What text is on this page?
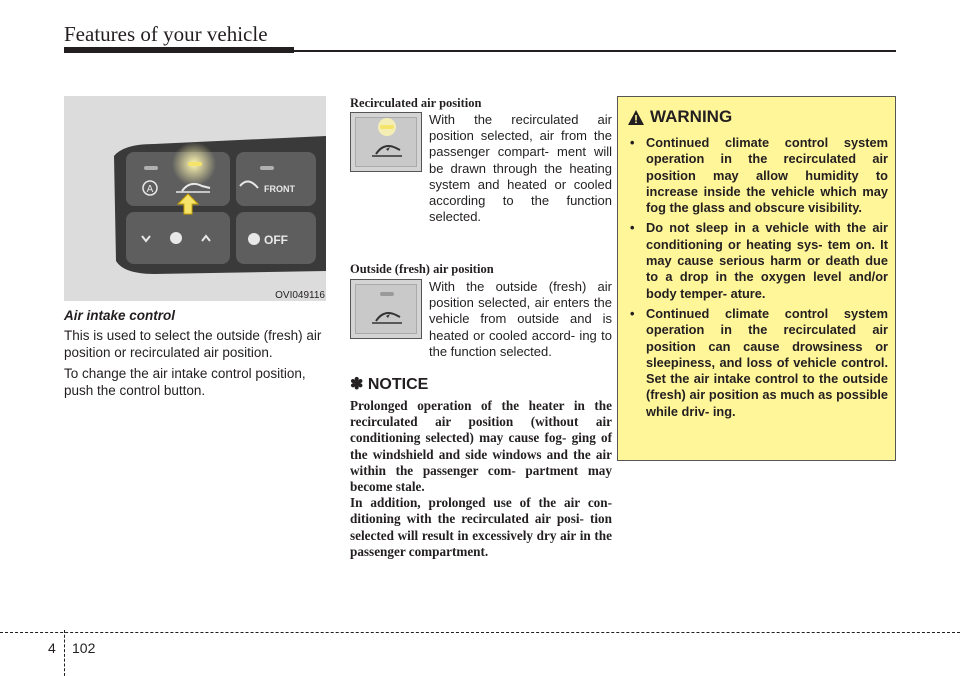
Features of your vehicle
A	FRONT
OFF
OVI049116
Air intake control

This is used to select the outside (fresh) air position or recirculated air position.

To change the air intake control position, push the control button.

Recirculated air position
With the recirculated air position selected, air from the passenger compart- ment will be drawn through the heating system and heated or cooled according to the function selected.
Outside (fresh) air position
With the outside (fresh) air position selected, air enters the vehicle from outside and is heated or cooled accord- ing to the function selected.
✽ NOTICE

Prolonged operation of the heater in the recirculated air position (without air conditioning selected) may cause fog- ging of the windshield and side windows and the air within the passenger com- partment may become stale.

In addition, prolonged use of the air con- ditioning with the recirculated air posi- tion selected will result in excessively dry air in the passenger compartment.

WARNING
• Continued climate control system operation in the recirculated air position may allow humidity to increase inside the vehicle which may fog the glass and obscure visibility.
• Do not sleep in a vehicle with the air conditioning or heating sys- tem on. It may cause serious harm or death due to a drop in the oxygen level and/or body temper- ature.
• Continued climate control system operation in the recirculated air position can cause drowsiness or sleepiness, and loss of vehicle control. Set the air intake control to the outside (fresh) air position as much as possible while driv- ing.
4 102
